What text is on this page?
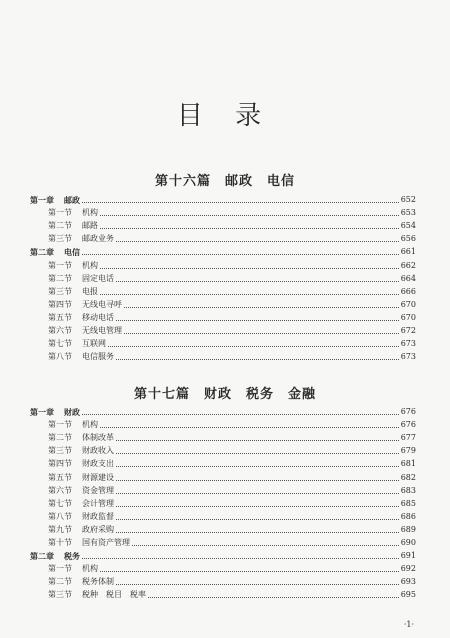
目 录
第十六篇　邮政　电信
第一章 邮政	652
第一节 机构	653
第二节 邮路	654
第三节 邮政业务	656
第二章 电信	661
第一节 机构	662
第二节 固定电话	664
第三节 电报	666
第四节 无线电寻呼	670
第五节 移动电话	670
第六节 无线电管理	672
第七节 互联网	673
第八节 电信服务	673
第十七篇　财政　税务　金融
第一章 财政	676
第一节 机构	676
第二节 体制改革	677
第三节 财政收入	679
第四节 财政支出	681
第五节 财源建设	682
第六节 资金管理	683
第七节 会计管理	685
第八节 财政监督	686
第九节 政府采购	689
第十节 国有资产管理	690
第二章 税务	691
第一节 机构	692
第二节 税务体制	693
第三节 税种　税目　税率	695
·1·
